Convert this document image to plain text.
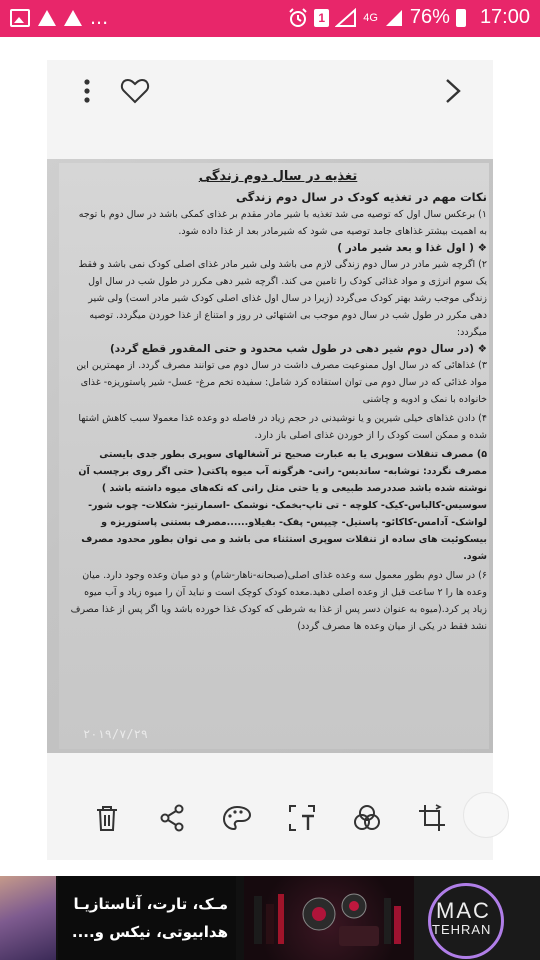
...	1	4G 76% 17:00
تغذیه در سال دوم زندگی
نکات مهم در تغذیه کودک در سال دوم زندگی
۱) برعکس سال اول که توصیه می شد تغذیه با شیر مادر مقدم بر غذای کمکی باشد در سال دوم با توجه به اهمیت بیشتر غذاهای جامد توصیه می شود که شیرمادر بعد از غذا داده شود.
❖ ( اول غذا و بعد شیر مادر )
۲) اگرچه شیر مادر در سال دوم زندگی لازم می باشد ولی شیر مادر غذای اصلی کودک نمی باشد و فقط یک سوم انرژی و مواد غذائی کودک را تامین می کند. اگرچه شیر دهی مکرر در طول شب در سال اول زندگی موجب رشد بهتر کودک می‌گردد (زیرا در سال اول غذای اصلی کودک شیر مادر است) ولی شیر دهی مکرر در طول شب در سال دوم موجب بی اشتهائی در روز و امتناع از غذا خوردن میگردد. توصیه میگردد:
❖ (در سال دوم شیر دهی در طول شب محدود و حتی المقدور قطع گردد)
۳) غذاهائی که در سال اول ممنوعیت مصرف داشت در سال دوم می توانند مصرف گردد. از مهمترین این مواد غذائی که در سال دوم می توان استفاده کرد شامل: سفیده تخم مرغ- عسل- شیر پاستوریزه- غذای خانواده با نمک و ادویه و چاشنی
۴) دادن غذاهای خیلی شیرین و یا نوشیدنی در حجم زیاد در فاصله دو وعده غذا معمولا سبب کاهش اشتها شده و ممکن است کودک را از خوردن غذای اصلی باز دارد.
۵) مصرف تنقلات سوپری یا به عبارت صحیح تر آشغالهای سوپری بطور جدی بایستی مصرف نگردد: نوشابه- ساندیس- رانی- هرگونه آب میوه پاکتی( حتی اگر روی برچسب آن نوشته شده باشد صددرصد طبیعی و یا حتی مثل رانی که تکه‌های میوه داشته باشد ) سوسیس-کالباس-کیک- کلوچه - تی تاپ-بخمک- نوشمک -اسمارتیز- شکلات- چوب شور- لواشک- آدامس-کاکائو- پاستیل- چیپس- پفک- بفیلاو......مصرف بستنی پاستوریزه و بیسکوئیت های ساده از تنقلات سوپری استثناء می باشد و می توان بطور محدود مصرف شود.
۶) در سال دوم بطور معمول سه وعده غذای اصلی(صبحانه-ناهار-شام) و دو میان وعده وجود دارد. میان وعده ها را ۲ ساعت قبل از وعده اصلی دهید.معده کودک کوچک است و نباید آن را میوه زیاد و آب میوه زیاد پر کرد.(میوه به عنوان دسر پس از غذا به شرطی که کودک غذا خورده باشد ویا اگر پس از غذا مصرف نشد فقط در یکی از میان وعده ها مصرف گردد)
۲۰۱۹/۷/۲۹
مـک، تارت، آناستازیـا
هدابیوتی، نیکس و....
MAC
TEHRAN
